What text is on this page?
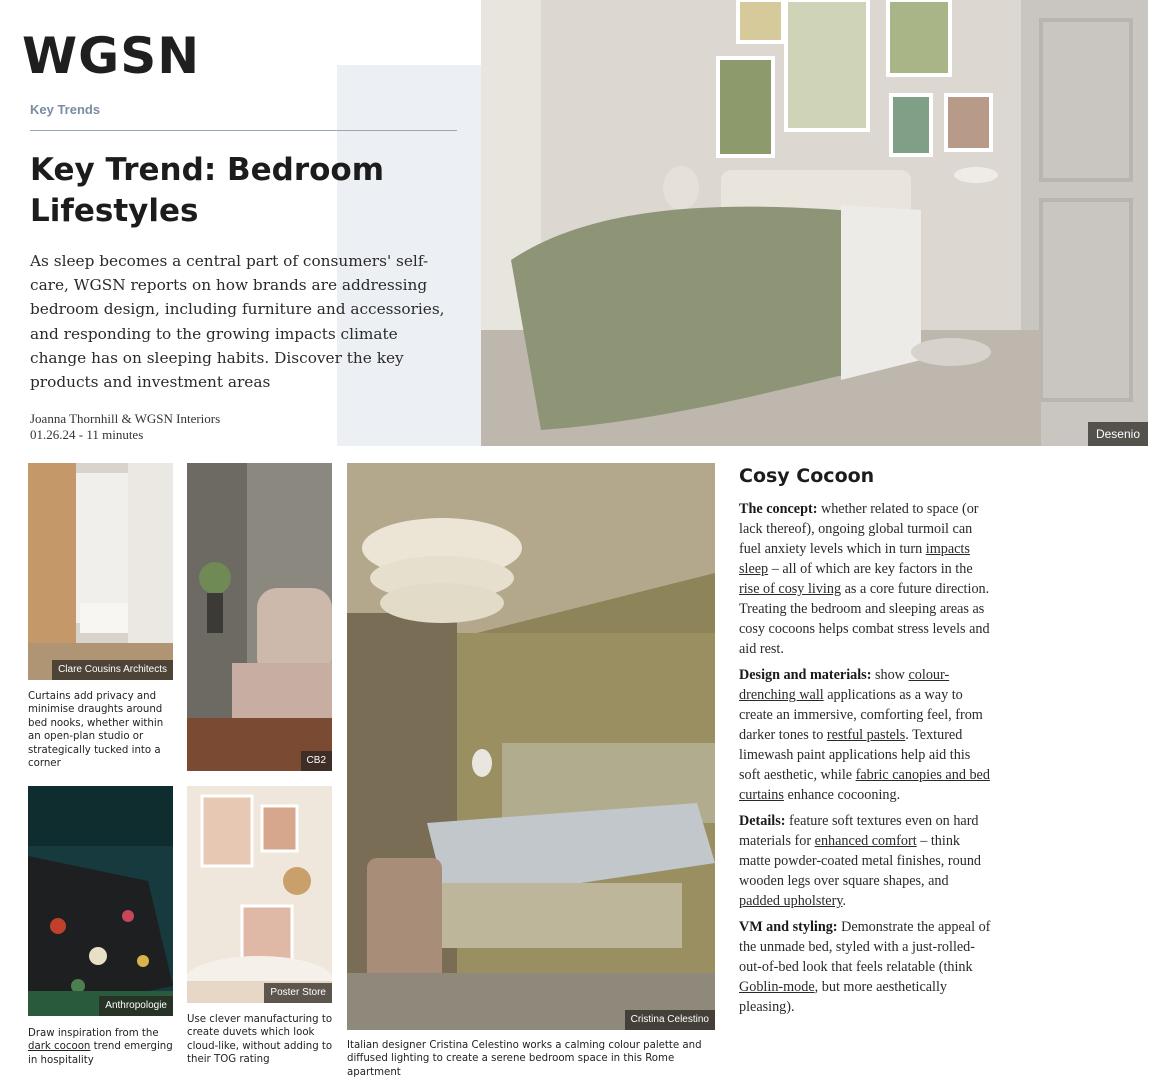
WGSN
Key Trends
Key Trend: Bedroom Lifestyles

As sleep becomes a central part of consumers' self-care, WGSN reports on how brands are addressing bedroom design, including furniture and accessories, and responding to the growing impacts climate change has on sleeping habits. Discover the key products and investment areas

Joanna Thornhill & WGSN Interiors
01.26.24 - 11 minutes	Desenio
Clare Cousins Architects

Curtains add privacy and minimise draughts around bed nooks, whether within an open-plan studio or strategically tucked into a corner	CB2
Anthropologie

Draw inspiration from the dark cocoon trend emerging in hospitality

Poster Store

Use clever manufacturing to create duvets which look cloud-like, without adding to their TOG rating

Cristina Celestino

Italian designer Cristina Celestino works a calming colour palette and diffused lighting to create a serene bedroom space in this Rome apartment

Cosy Cocoon

The concept: whether related to space (or lack thereof), ongoing global turmoil can fuel anxiety levels which in turn impacts sleep – all of which are key factors in the rise of cosy living as a core future direction. Treating the bedroom and sleeping areas as cosy cocoons helps combat stress levels and aid rest.

Design and materials: show colour-drenching wall applications as a way to create an immersive, comforting feel, from darker tones to restful pastels. Textured limewash paint applications help aid this soft aesthetic, while fabric canopies and bed curtains enhance cocooning.

Details: feature soft textures even on hard materials for enhanced comfort – think matte powder-coated metal finishes, round wooden legs over square shapes, and padded upholstery.

VM and styling: Demonstrate the appeal of the unmade bed, styled with a just-rolled-out-of-bed look that feels relatable (think Goblin-mode, but more aesthetically pleasing).
